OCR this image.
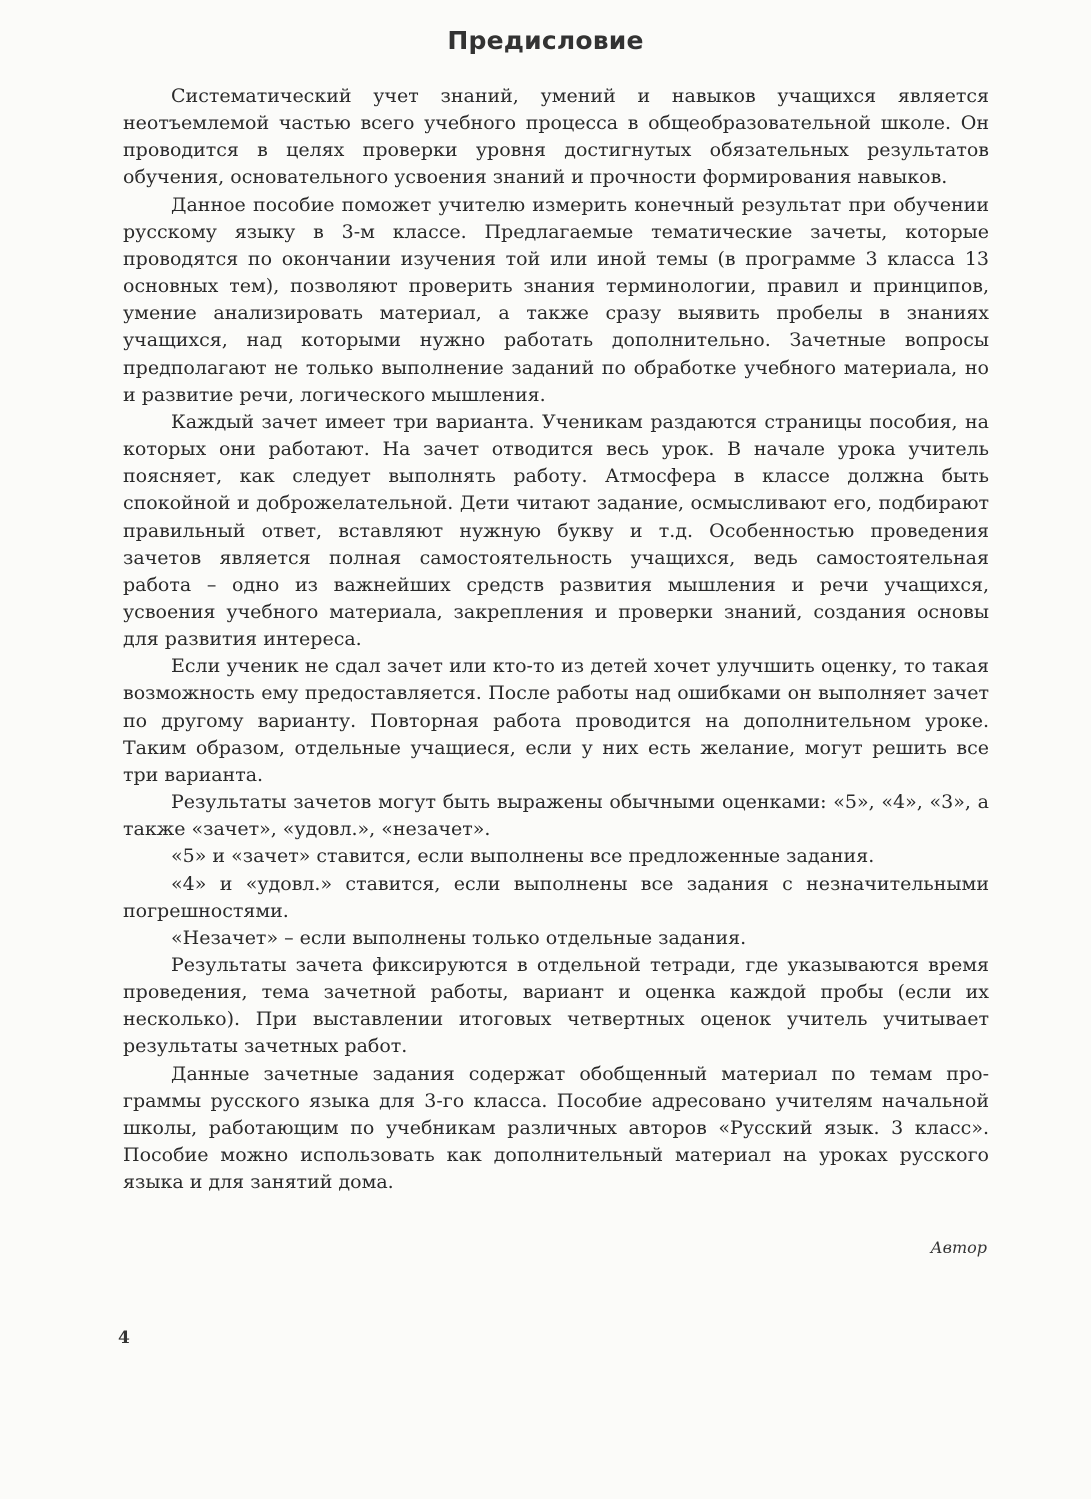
Предисловие

Систематический учет знаний, умений и навыков учащихся является неотъемлемой частью всего учебного процесса в общеобразовательной школе. Он проводится в целях проверки уровня достигнутых обязательных результатов обучения, основательного усвоения знаний и прочности формирования навыков.

Данное пособие поможет учителю измерить конечный результат при обучении русскому языку в 3-м классе. Предлагаемые тематические зачеты, которые проводятся по окончании изучения той или иной темы (в программе 3 класса 13 основных тем), позволяют проверить знания терминологии, правил и принципов, умение анализировать материал, а также сразу выявить пробелы в знаниях учащихся, над которыми нужно работать дополнительно. Зачетные вопросы предполагают не только выполнение заданий по обработке учебного материала, но и развитие речи, логического мышления.

Каждый зачет имеет три варианта. Ученикам раздаются страницы пособия, на которых они работают. На зачет отводится весь урок. В начале урока учитель поясняет, как следует выполнять работу. Атмосфера в классе должна быть спокойной и доброжелательной. Дети читают задание, осмысливают его, подбирают правильный ответ, вставляют нужную букву и т.д. Особенностью проведения зачетов является полная самостоятельность учащихся, ведь самостоятельная работа – одно из важнейших средств развития мышления и речи учащихся, усвоения учебного материала, закрепления и проверки знаний, создания основы для развития интереса.

Если ученик не сдал зачет или кто-то из детей хочет улучшить оценку, то такая возможность ему предоставляется. После работы над ошибками он выполняет зачет по другому варианту. Повторная работа проводится на дополнительном уроке. Таким образом, отдельные учащиеся, если у них есть желание, могут решить все три варианта.

Результаты зачетов могут быть выражены обычными оценками: «5», «4», «3», а также «зачет», «удовл.», «незачет».

«5» и «зачет» ставится, если выполнены все предложенные задания.

«4» и «удовл.» ставится, если выполнены все задания с незначительными погрешностями.

«Незачет» – если выполнены только отдельные задания.

Результаты зачета фиксируются в отдельной тетради, где указываются время проведения, тема зачетной работы, вариант и оценка каждой пробы (если их несколько). При выставлении итоговых четвертных оценок учитель учитывает результаты зачетных работ.

Данные зачетные задания содержат обобщенный материал по темам программы русского языка для 3-го класса. Пособие адресовано учителям начальной школы, работающим по учебникам различных авторов «Русский язык. 3 класс». Пособие можно использовать как дополнительный материал на уроках русского языка и для занятий дома.

Автор
4
